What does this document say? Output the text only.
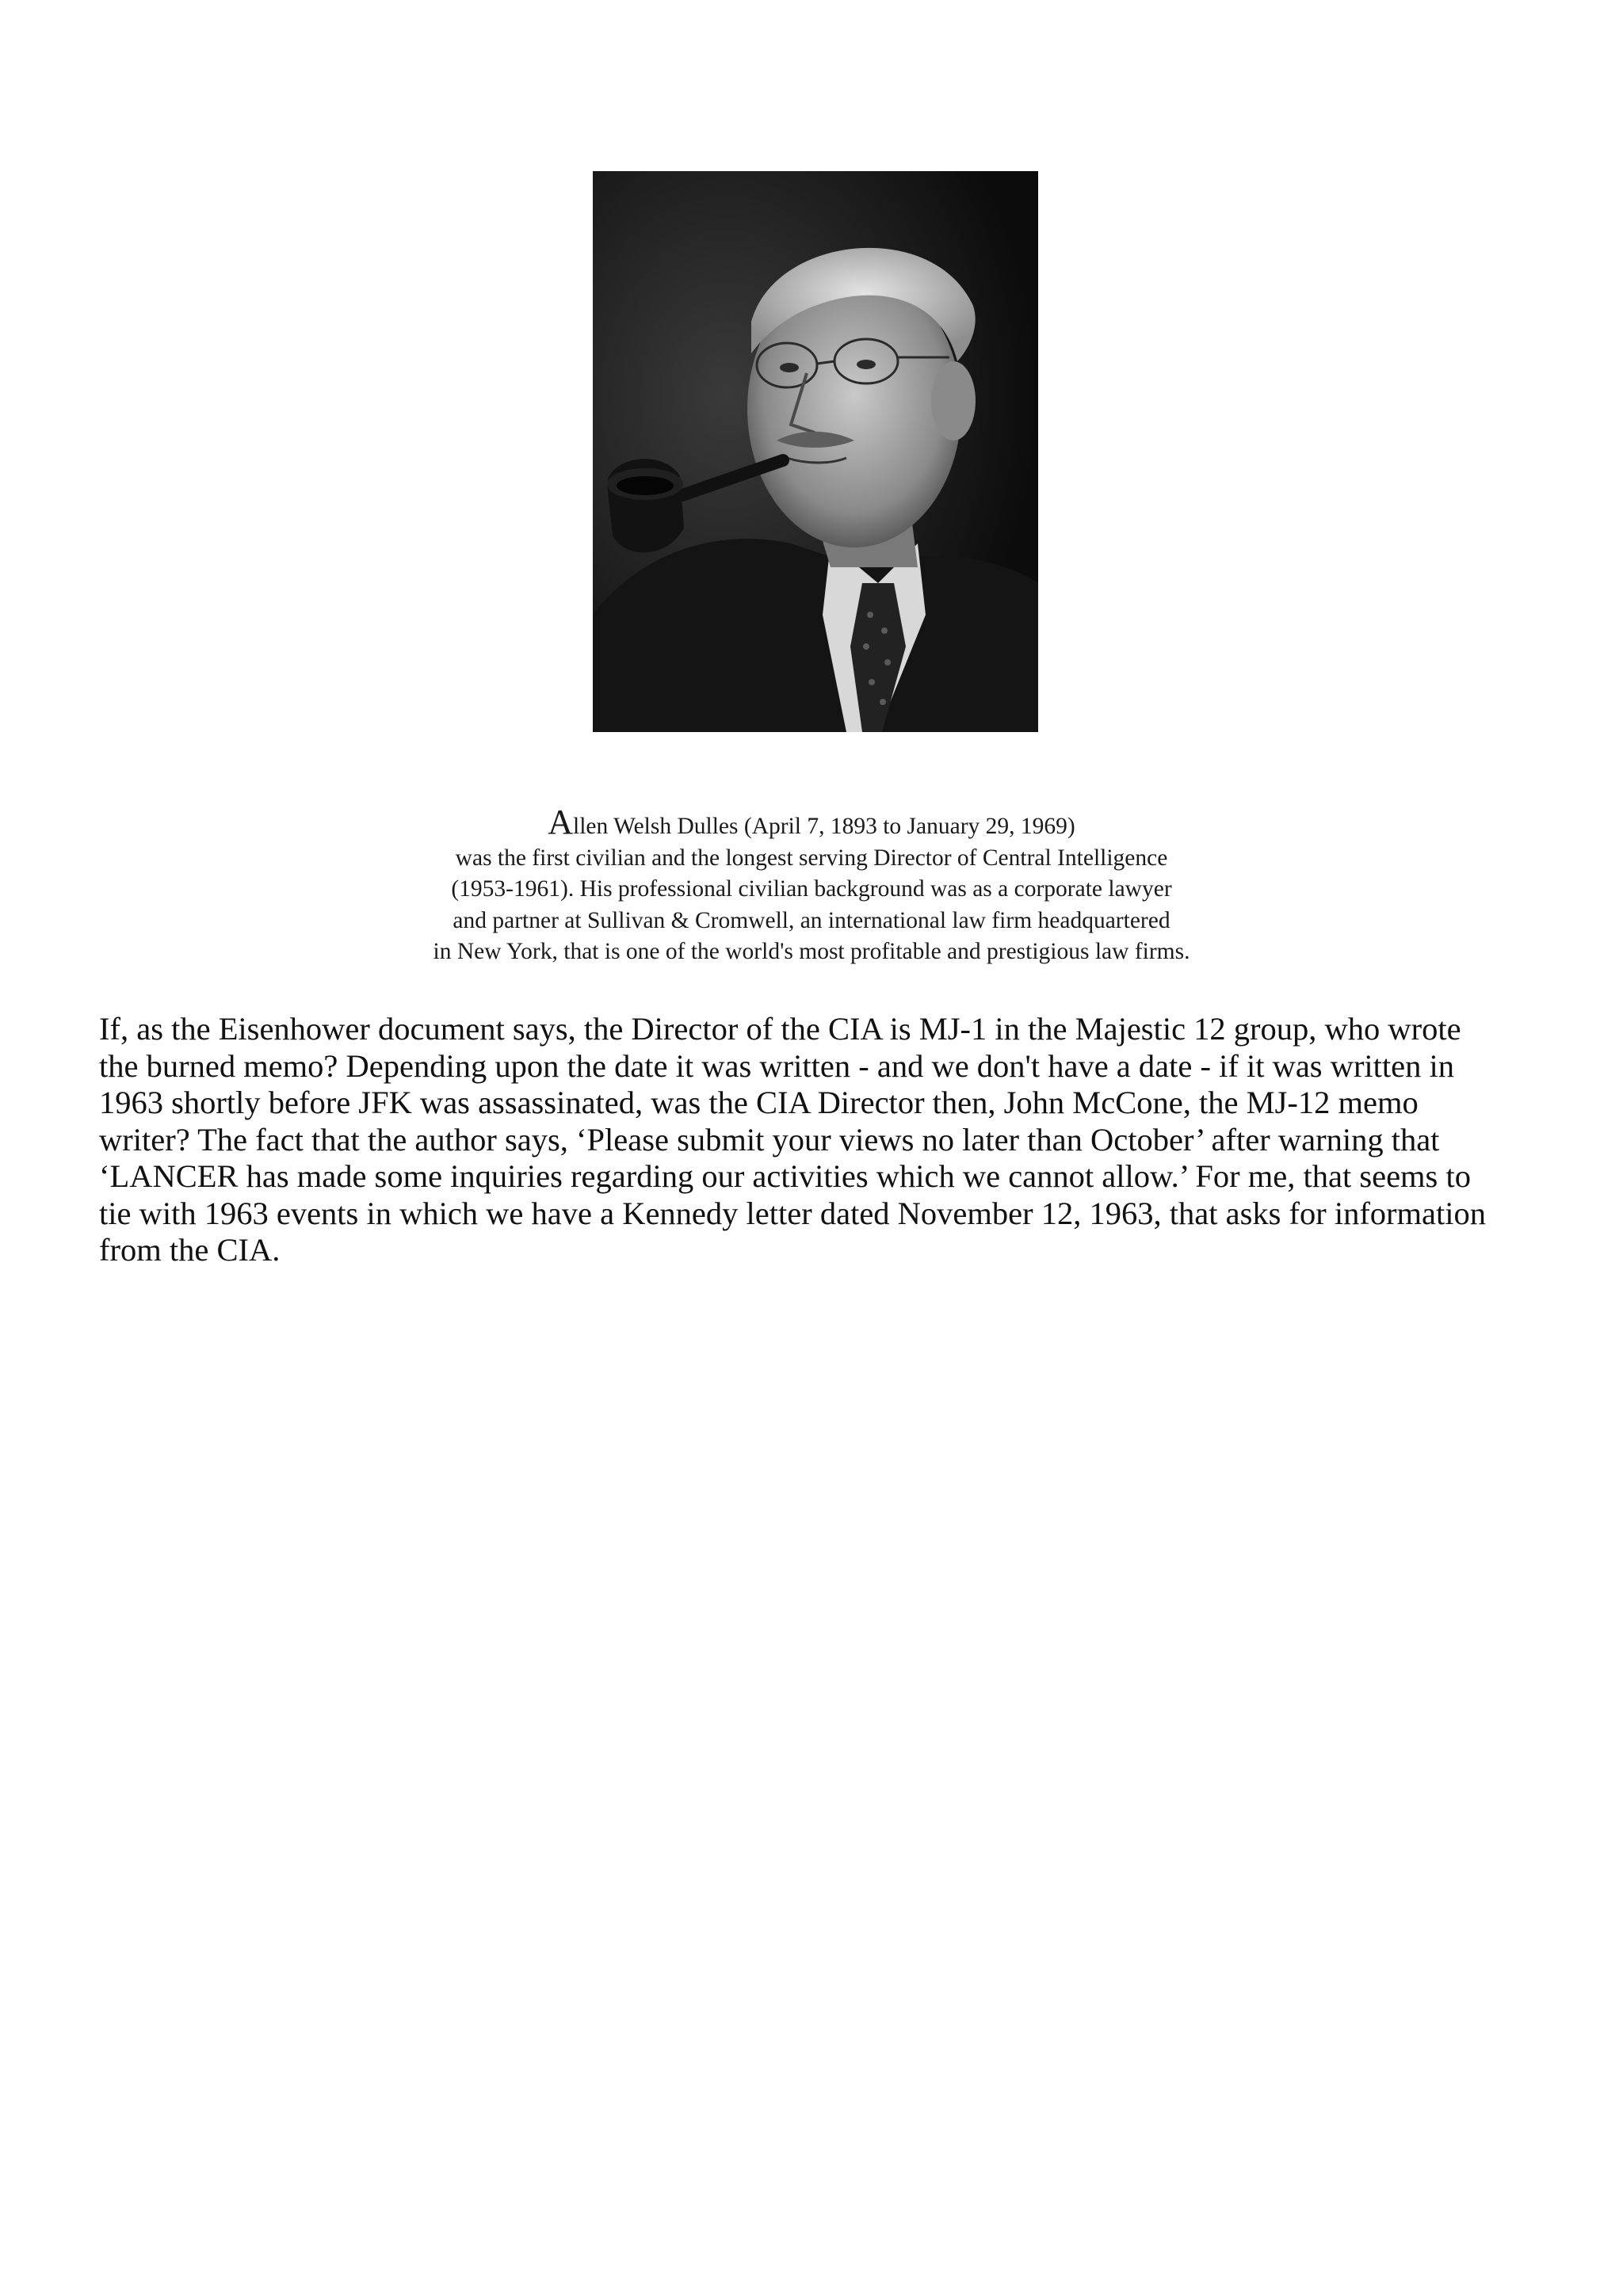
Allen Welsh Dulles (April 7, 1893 to January 29, 1969)
was the first civilian and the longest serving Director of Central Intelligence
(1953-1961). His professional civilian background was as a corporate lawyer
and partner at Sullivan & Cromwell, an international law firm headquartered
in New York, that is one of the world's most profitable and prestigious law firms.
If, as the Eisenhower document says, the Director of the CIA is MJ-1 in the Majestic 12 group, who wrote
the burned memo? Depending upon the date it was written - and we don't have a date - if it was written in
1963 shortly before JFK was assassinated, was the CIA Director then, John McCone, the MJ-12 memo
writer? The fact that the author says, ‘Please submit your views no later than October’ after warning that
‘LANCER has made some inquiries regarding our activities which we cannot allow.’ For me, that seems to
tie with 1963 events in which we have a Kennedy letter dated November 12, 1963, that asks for information
from the CIA.
